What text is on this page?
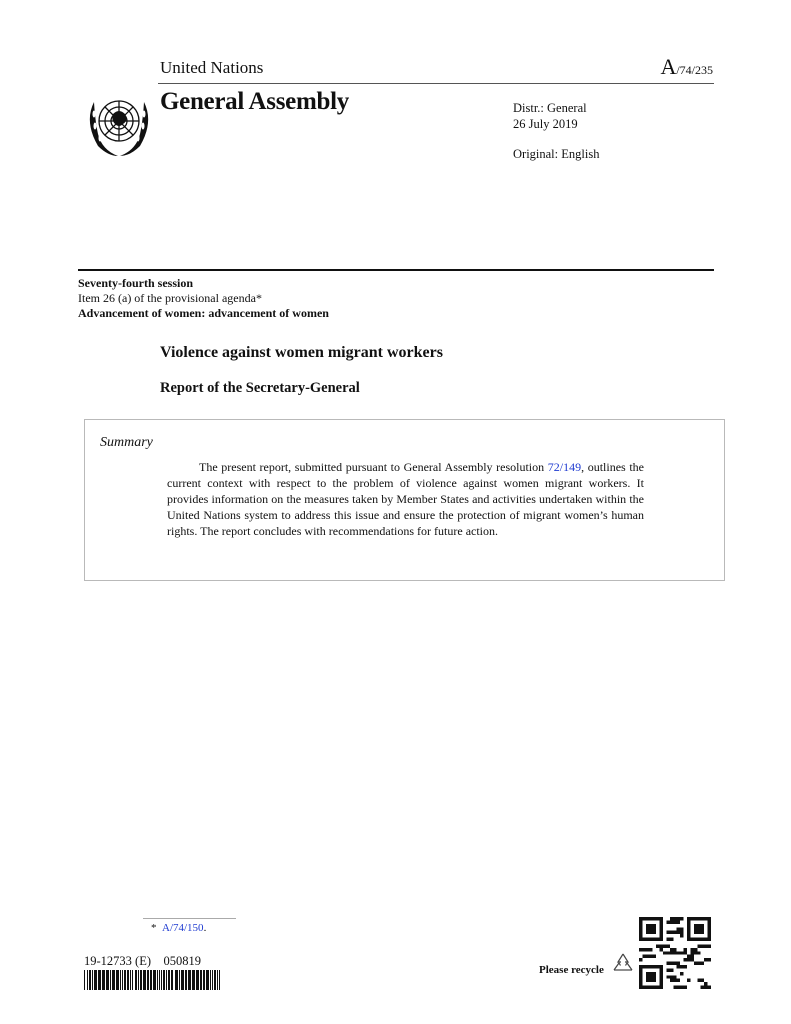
United Nations	A/74/235
General Assembly	Distr.: General
26 July 2019
Original: English
Seventy-fourth session
Item 26 (a) of the provisional agenda*
Advancement of women: advancement of women
Violence against women migrant workers
Report of the Secretary-General
Summary
The present report, submitted pursuant to General Assembly resolution 72/149, outlines the current context with respect to the problem of violence against women migrant workers. It provides information on the measures taken by Member States and activities undertaken within the United Nations system to address this issue and ensure the protection of migrant women’s human rights. The report concludes with recommendations for future action.
* A/74/150.
19-12733 (E)    050819
Please recycle
